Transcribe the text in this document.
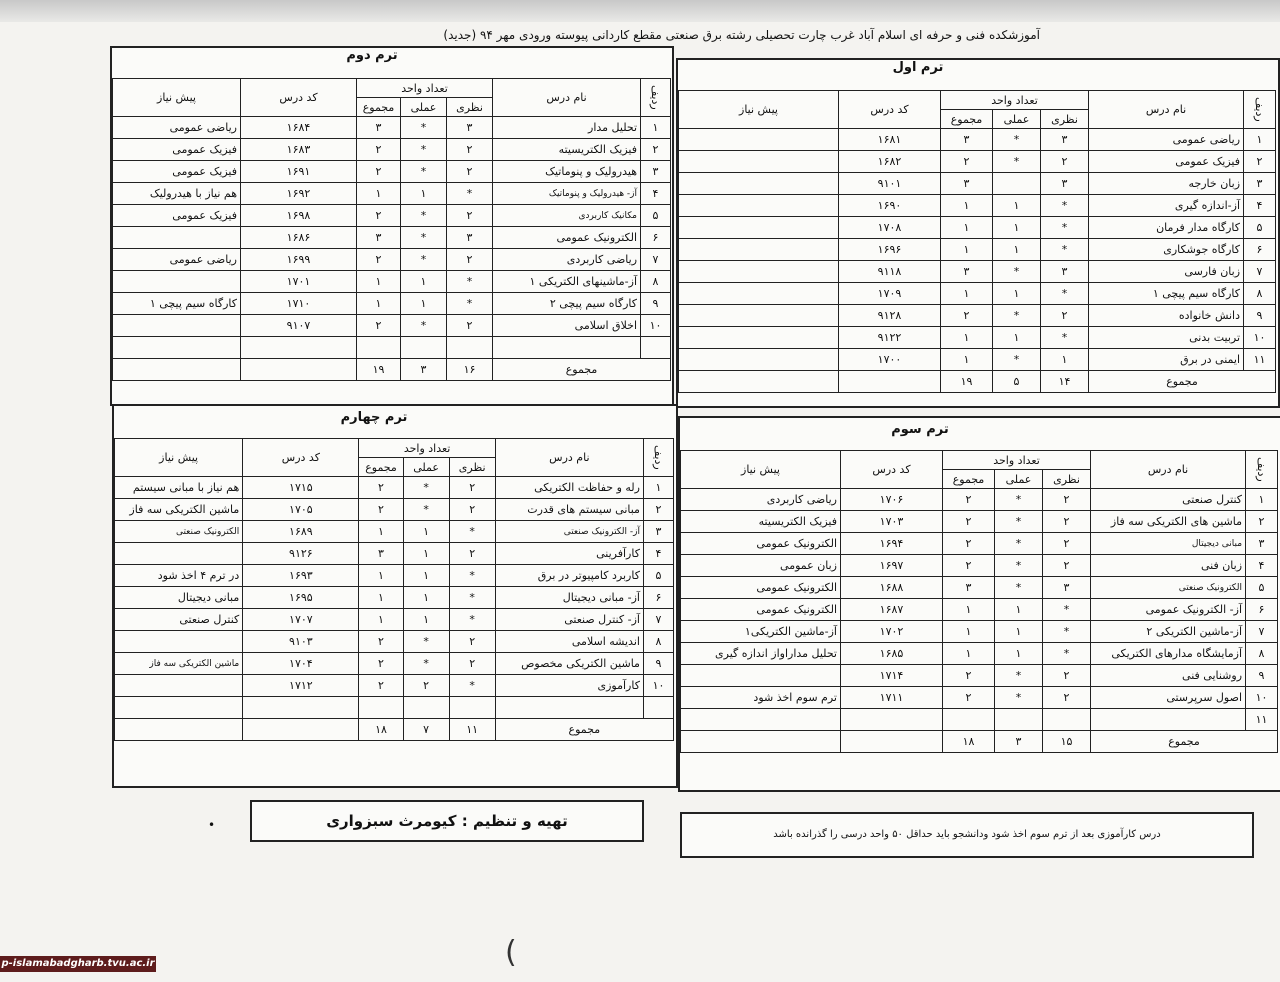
آموزشکده فنی و حرفه ای اسلام آباد غرب چارت تحصیلی رشته برق صنعتی مقطع کاردانی پیوسته ورودی مهر ۹۴ (جدید)
ترم اول
ترم دوم
ترم سوم
ترم چهارم
ردیف	نام درس	تعداد واحد			کد درس	پیش نیاز
		نظری	عملی	مجموع		
۱	ریاضی عمومی	۳	*	۳	۱۶۸۱	
۲	فیزیک عمومی	۲	*	۲	۱۶۸۲	
۳	زبان خارجه	۳		۳	۹۱۰۱	
۴	آز-اندازه گیری	*	۱	۱	۱۶۹۰	
۵	کارگاه مدار فرمان	*	۱	۱	۱۷۰۸	
۶	کارگاه جوشکاری	*	۱	۱	۱۶۹۶	
۷	زبان فارسی	۳	*	۳	۹۱۱۸	
۸	کارگاه سیم پیچی ۱	*	۱	۱	۱۷۰۹	
۹	دانش خانواده	۲	*	۲	۹۱۲۸	
۱۰	تربیت بدنی	*	۱	۱	۹۱۲۲	
۱۱	ایمنی در برق	۱	*	۱	۱۷۰۰	
مجموع		۱۴	۵	۱۹		
ردیف	نام درس	تعداد واحد			کد درس	پیش نیاز
		نظری	عملی	مجموع		
۱	تحلیل مدار	۳	*	۳	۱۶۸۴	ریاضی عمومی
۲	فیزیک الکتریسیته	۲	*	۲	۱۶۸۳	فیزیک عمومی
۳	هیدرولیک و پنوماتیک	۲	*	۲	۱۶۹۱	فیزیک عمومی
۴	آز- هیدرولیک و پنوماتیک	*	۱	۱	۱۶۹۲	هم نیاز با هیدرولیک
۵	مکانیک کاربردی	۲	*	۲	۱۶۹۸	فیزیک عمومی
۶	الکترونیک عمومی	۳	*	۳	۱۶۸۶	
۷	ریاضی کاربردی	۲	*	۲	۱۶۹۹	ریاضی عمومی
۸	آز-ماشینهای الکتریکی ۱	*	۱	۱	۱۷۰۱	
۹	کارگاه سیم پیچی ۲	*	۱	۱	۱۷۱۰	کارگاه سیم پیچی ۱
۱۰	اخلاق اسلامی	۲	*	۲	۹۱۰۷	

مجموع		۱۶	۳	۱۹		
ردیف	نام درس	تعداد واحد			کد درس	پیش نیاز
		نظری	عملی	مجموع		
۱	کنترل صنعتی	۲	*	۲	۱۷۰۶	ریاضی کاربردی
۲	ماشین های الکتریکی سه فاز	۲	*	۲	۱۷۰۳	فیزیک الکتریسیته
۳	مبانی دیجیتال	۲	*	۲	۱۶۹۴	الکترونیک عمومی
۴	زبان فنی	۲	*	۲	۱۶۹۷	زبان عمومی
۵	الکترونیک صنعتی	۳	*	۳	۱۶۸۸	الکترونیک عمومی
۶	آز- الکترونیک عمومی	*	۱	۱	۱۶۸۷	الکترونیک عمومی
۷	آز-ماشین الکتریکی ۲	*	۱	۱	۱۷۰۲	آز-ماشین الکتریکی۱
۸	آزمایشگاه مدارهای الکتریکی	*	۱	۱	۱۶۸۵	تحلیل مداراواز اندازه گیری
۹	روشنایی فنی	۲	*	۲	۱۷۱۴	
۱۰	اصول سرپرستی	۲	*	۲	۱۷۱۱	ترم سوم اخذ شود
۱۱						
مجموع		۱۵	۳	۱۸		
ردیف	نام درس	تعداد واحد			کد درس	پیش نیاز
		نظری	عملی	مجموع		
۱	رله و حفاظت الکتریکی	۲	*	۲	۱۷۱۵	هم نیاز با مبانی سیستم
۲	مبانی سیستم های قدرت	۲	*	۲	۱۷۰۵	ماشین الکتریکی سه فاز
۳	آز- الکترونیک صنعتی	*	۱	۱	۱۶۸۹	الکترونیک صنعتی
۴	کارآفرینی	۲	۱	۳	۹۱۲۶	
۵	کاربرد کامپیوتر در برق	*	۱	۱	۱۶۹۳	در ترم ۴ اخذ شود
۶	آز- مبانی دیجیتال	*	۱	۱	۱۶۹۵	مبانی دیجیتال
۷	آز- کنترل صنعتی	*	۱	۱	۱۷۰۷	کنترل صنعتی
۸	اندیشه اسلامی	۲	*	۲	۹۱۰۳	
۹	ماشین الکتریکی مخصوص	۲	*	۲	۱۷۰۴	ماشین الکتریکی سه فاز
۱۰	کارآموزی	*	۲	۲	۱۷۱۲	

مجموع		۱۱	۷	۱۸		
تهیه و تنظیم : کیومرث سبزواری
درس کارآموزی بعد از ترم سوم اخذ شود ودانشجو باید حداقل ۵۰ واحد درسی را گذرانده باشد
•
(
p-islamabadgharb.tvu.ac.ir
